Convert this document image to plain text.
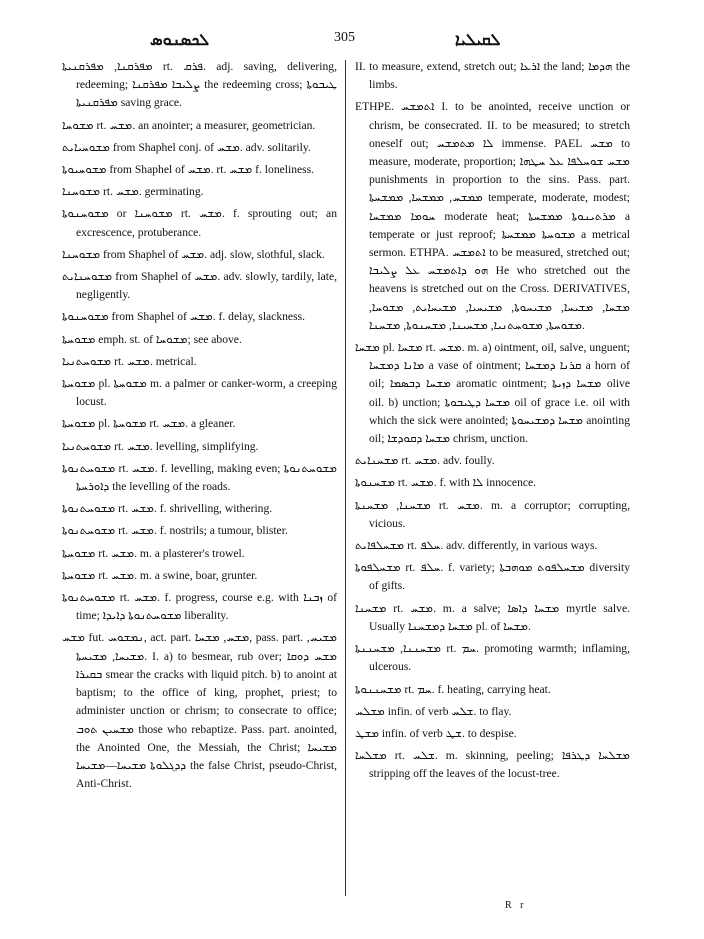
ܠܟܣܢܘܣ	305	ܠܩܝܠܝܐ

ܡܦܪܩܢܐ, ܡܦܪܩܢܝܬܐ rt. ܦܪܩ. adj. saving, delivering, redeeming; ܨܠܝܒܐ ܡܦܪܩܢܐ the redeeming cross; ܛܝܒܘܬܐ ܡܦܪܩܢܝܬܐ saving grace.

ܡܫܘܚܐ rt. ܡܫܚ. an anointer; a measurer, geometrician.

ܡܫܘܚܝܐܝܬ from Shaphel conj. of ܡܫܚ. adv. solitarily.

ܡܫܘܚܝܘܬܐ from Shaphel of ܡܫܚ. rt. ܡܫܚ f. loneliness.

ܡܫܘܚܢܐ rt. ܡܫܚ. germinating.

ܡܫܘܚܢܘܬܐ or ܡܫܘܚܢܐ rt. ܡܫܚ. f. sprouting out; an excrescence, protuberance.

ܡܫܘܚܢܐ from Shaphel of ܡܫܚ. adj. slow, slothful, slack.

ܡܫܘܚܢܐܝܬ from Shaphel of ܡܫܚ. adv. slowly, tardily, late, negligently.

ܡܫܘܚܢܘܬܐ from Shaphel of ܡܫܚ. f. delay, slackness.

ܡܫܘܚܬܐ emph. st. of ܡܫܘܚܐ; see above.

ܡܫܘܚܬܢܝܐ rt. ܡܫܚ. metrical.

ܡܫܘܚܬܐ pl. ܡܫܘܚܬܐ m. a palmer or canker-worm, a creeping locust.

ܡܫܘܚܬܐ pl. ܡܫܘܚܬܐ rt. ܡܫܚ. a gleaner.

ܡܫܘܚܬܢܝܐ rt. ܡܫܚ. levelling, simplifying.

ܡܫܘܚܬܢܘܬܐ rt. ܡܫܚ. f. levelling, making even; ܡܫܘܚܬܢܘܬܐ ܕܐܘܪܚܬܐ the levelling of the roads.

ܡܫܘܚܬܢܘܬܐ rt. ܡܫܚ. f. shrivelling, withering.

ܡܫܘܚܬܢܘܬܐ rt. ܡܫܚ. f. nostrils; a tumour, blister.

ܡܫܘܚܬܐ rt. ܡܫܚ. m. a plasterer's trowel.

ܡܫܘܚܬܐ rt. ܡܫܚ. m. a swine, boar, grunter.

ܡܫܘܚܬܢܘܬܐ rt. ܡܫܚ. f. progress, course e.g. with ܙܒܢܐ of time; ܡܫܘܚܬܢܘܬܐ ܕܐܝܕܐ liberality.

ܡܫܚ fut. ܢܡܫܘܚ, act. part. ܡܫܚ, ܡܫܚܐ, pass. part. ܡܫܝܚ, ܡܫܝܚܐ, ܡܫܝܚܬܐ. I. a) to besmear, rub over; ܡܫܚ ܕܘܩܐ ܒܩܝܪܐ smear the cracks with liquid pitch. b) to anoint at baptism; to the office of king, prophet, priest; to administer unction or chrism; to consecrate to office; ܡܫܚܝܢ ܬܘܒ those who rebaptize. Pass. part. anointed, the Anointed One, the Messiah, the Christ; ܡܫܝܚܐ ܕܕܓܠܘܬܐ ܡܫܝܚܐ—ܡܫܝܚܐ the false Christ, pseudo-Christ, Anti-Christ.

II. to measure, extend, stretch out; ܐܪܥܐ the land; ܗܕܡܐ the limbs.

ETHPE. ܐܬܡܫܚ I. to be anointed, receive unction or chrism, be consecrated. II. to be measured; to stretch oneself out; ܠܐ ܡܬܡܫܚ immense. PAEL ܡܫܚ to measure, moderate, proportion; ܡܫܚ ܫܘܚܠܦܐ ܥܠ ܚܛܗܐ punishments in proportion to the sins. Pass. part. ܡܡܫܚ, ܡܡܫܚܐ, ܡܡܫܚܬܐ temperate, moderate, modest; ܚܘܡܐ ܡܡܫܚܐ moderate heat; ܡܪܬܝܢܘܬܐ ܡܡܫܚܬܐ a temperate or just reproof; ܡܫܘܚܬܐ ܡܡܫܚܬܐ a metrical sermon. ETHPA. ܐܬܡܫܚ to be measured, stretched out; ܗܘ ܕܐܬܡܫܚ ܥܠ ܨܠܝܒܐ He who stretched out the heavens is stretched out on the Cross. DERIVATIVES, ܡܫܚܐ, ܡܫܝܚܐ, ܡܫܝܚܘܬܐ, ܡܫܝܚܝܐ, ܡܫܝܚܐܝܬ, ܡܫܘܚܐ, ܡܫܘܚܬܐ, ܡܫܘܚܬܢܝܐ, ܡܫܚܝܢܐ, ܡܫܚܢܘܬܐ, ܡܫܚܢܐ.

ܡܫܚܐ pl. ܡܫܚܐ rt. ܡܫܚ. m. a) ointment, oil, salve, unguent; ܡܐܢܐ ܕܡܫܚܐ a vase of ointment; ܩܪܢܐ ܕܡܫܚܐ a horn of oil; ܡܫܚܐ ܕܒܣܡܐ aromatic ointment; ܡܫܚܐ ܕܙܝܬܐ olive oil. b) unction; ܡܫܚܐ ܕܛܝܒܘܬܐ oil of grace i.e. oil with which the sick were anointed; ܡܫܚܐ ܕܡܫܝܚܘܬܐ anointing oil; ܡܫܚܐ ܕܩܘܕܫܐ chrism, unction.

ܡܫܚܢܐܝܬ rt. ܡܫܚ. adv. foully.

ܡܫܚܢܘܬܐ rt. ܡܫܚ. f. with ܠܐ innocence.

ܡܫܚܢܐ, ܡܫܚܢܬܐ rt. ܡܫܚ. m. a corruptor; corrupting, vicious.

ܡܫܚܠܦܐܝܬ rt. ܚܠܦ. adv. differently, in various ways.

ܡܫܚܠܦܘܬܐ rt. ܚܠܦ. f. variety; ܡܫܚܠܦܘܬ ܡܘܗܒܬܐ diversity of gifts.

ܡܫܚܢܐ rt. ܡܫܚ. m. a salve; ܡܫܚܐ ܕܐܣܐ myrtle salve. Usually ܡܫܚܐ ܕܡܫܚܢܐ pl. of ܡܫܚܐ.

ܡܫܚܢܢܐ, ܡܫܚܢܢܬܐ rt. ܚܡ. promoting warmth; inflaming, ulcerous.

ܡܫܚܢܢܘܬܐ rt. ܚܡ. f. heating, carrying heat.

ܡܫܠܚ infin. of verb ܫܠܚ. to flay.

ܡܫܛ infin. of verb ܫܛ. to despise.

ܡܫܠܚܐ rt. ܫܠܚ. m. skinning, peeling; ܡܫܠܚܐ ܕܛܪܦܐ stripping off the leaves of the locust-tree.

R r
